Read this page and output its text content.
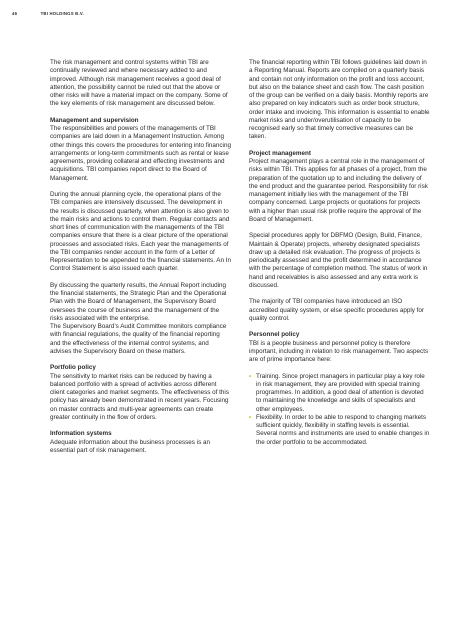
46	TBI HOLDINGS B.V.

The risk management and control systems within TBI are continually reviewed and where necessary added to and improved. Although risk management receives a good deal of attention, the possibility cannot be ruled out that the above or other risks will have a material impact on the company. Some of the key elements of risk management are discussed below.

Management and supervision

The responsibilities and powers of the managements of TBI companies are laid down in a Management Instruction. Among other things this covers the procedures for entering into financing arrangements or long-term commitments such as rental or lease agreements, providing collateral and effecting investments and acquisitions. TBI companies report direct to the Board of Management.

During the annual planning cycle, the operational plans of the TBI companies are intensively discussed. The development in the results is discussed quarterly, when attention is also given to the main risks and actions to control them. Regular contacts and short lines of communication with the managements of the TBI companies ensure that there is a clear picture of the operational processes and associated risks. Each year the managements of the TBI companies render account in the form of a Letter of Representation to be appended to the financial statements. An In Control Statement is also issued each quarter.

By discussing the quarterly results, the Annual Report including the financial statements, the Strategic Plan and the Operational Plan with the Board of Management, the Supervisory Board oversees the course of business and the management of the risks associated with the enterprise.

The Supervisory Board’s Audit Committee monitors compliance with financial regulations, the quality of the financial reporting and the effectiveness of the internal control systems, and advises the Supervisory Board on these matters.

Portfolio policy

The sensitivity to market risks can be reduced by having a balanced portfolio with a spread of activities across different client categories and market segments. The effectiveness of this policy has already been demonstrated in recent years. Focusing on master contracts and multi-year agreements can create greater continuity in the flow of orders.

Information systems

Adequate information about the business processes is an essential part of risk management.

The financial reporting within TBI follows guidelines laid down in a Reporting Manual. Reports are compiled on a quarterly basis and contain not only information on the profit and loss account, but also on the balance sheet and cash flow. The cash position of the group can be verified on a daily basis. Monthly reports are also prepared on key indicators such as order book structure, order intake and invoicing. This information is essential to enable market risks and under/overutilisation of capacity to be recognised early so that timely corrective measures can be taken.

Project management

Project management plays a central role in the management of risks within TBI. This applies for all phases of a project, from the preparation of the quotation up to and including the delivery of the end product and the guarantee period. Responsibility for risk management initially lies with the management of the TBI company concerned. Large projects or quotations for projects with a higher than usual risk profile require the approval of the Board of Management.

Special procedures apply for DBFMO (Design, Build, Finance, Maintain & Operate) projects, whereby designated specialists draw up a detailed risk evaluation. The progress of projects is periodically assessed and the profit determined in accordance with the percentage of completion method. The status of work in hand and receivables is also assessed and any extra work is discussed.

The majority of TBI companies have introduced an ISO accredited quality system, or else specific procedures apply for quality control.

Personnel policy

TBI is a people business and personnel policy is therefore important, including in relation to risk management. Two aspects are of prime importance here:

• Training. Since project managers in particular play a key role in risk management, they are provided with special training programmes. In addition, a good deal of attention is devoted to maintaining the knowledge and skills of specialists and other employees.
• Flexibility. In order to be able to respond to changing markets sufficient quickly, flexibility in staffing levels is essential. Several norms and instruments are used to enable changes in the order portfolio to be accommodated.
